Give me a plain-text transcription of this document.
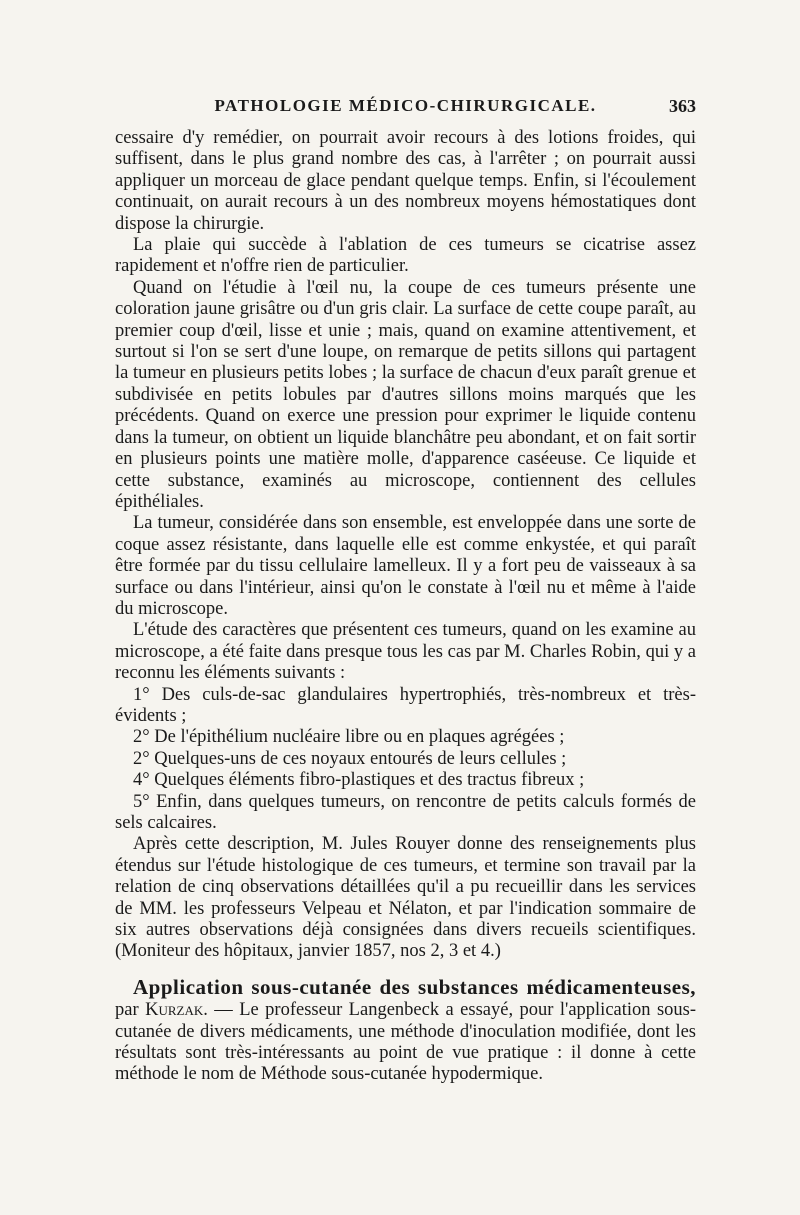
PATHOLOGIE MÉDICO-CHIRURGICALE.	363

cessaire d'y remédier, on pourrait avoir recours à des lotions froides, qui suffisent, dans le plus grand nombre des cas, à l'arrêter ; on pourrait aussi appliquer un morceau de glace pendant quelque temps. Enfin, si l'écoulement continuait, on aurait recours à un des nombreux moyens hémostatiques dont dispose la chirurgie.

La plaie qui succède à l'ablation de ces tumeurs se cicatrise assez rapidement et n'offre rien de particulier.

Quand on l'étudie à l'œil nu, la coupe de ces tumeurs présente une coloration jaune grisâtre ou d'un gris clair. La surface de cette coupe paraît, au premier coup d'œil, lisse et unie ; mais, quand on examine attentivement, et surtout si l'on se sert d'une loupe, on remarque de petits sillons qui partagent la tumeur en plusieurs petits lobes ; la surface de chacun d'eux paraît grenue et subdivisée en petits lobules par d'autres sillons moins marqués que les précédents. Quand on exerce une pression pour exprimer le liquide contenu dans la tumeur, on obtient un liquide blanchâtre peu abondant, et on fait sortir en plusieurs points une matière molle, d'apparence caséeuse. Ce liquide et cette substance, examinés au microscope, contiennent des cellules épithéliales.

La tumeur, considérée dans son ensemble, est enveloppée dans une sorte de coque assez résistante, dans laquelle elle est comme enkystée, et qui paraît être formée par du tissu cellulaire lamelleux. Il y a fort peu de vaisseaux à sa surface ou dans l'intérieur, ainsi qu'on le constate à l'œil nu et même à l'aide du microscope.

L'étude des caractères que présentent ces tumeurs, quand on les examine au microscope, a été faite dans presque tous les cas par M. Charles Robin, qui y a reconnu les éléments suivants :

1° Des culs-de-sac glandulaires hypertrophiés, très-nombreux et très-évidents ;

2° De l'épithélium nucléaire libre ou en plaques agrégées ;

2° Quelques-uns de ces noyaux entourés de leurs cellules ;

4° Quelques éléments fibro-plastiques et des tractus fibreux ;

5° Enfin, dans quelques tumeurs, on rencontre de petits calculs formés de sels calcaires.

Après cette description, M. Jules Rouyer donne des renseignements plus étendus sur l'étude histologique de ces tumeurs, et termine son travail par la relation de cinq observations détaillées qu'il a pu recueillir dans les services de MM. les professeurs Velpeau et Nélaton, et par l'indication sommaire de six autres observations déjà consignées dans divers recueils scientifiques. (Moniteur des hôpitaux, janvier 1857, nos 2, 3 et 4.)

Application sous-cutanée des substances médicamenteuses, par Kurzak. — Le professeur Langenbeck a essayé, pour l'application sous-cutanée de divers médicaments, une méthode d'inoculation modifiée, dont les résultats sont très-intéressants au point de vue pratique : il donne à cette méthode le nom de Méthode sous-cutanée hypodermique.
